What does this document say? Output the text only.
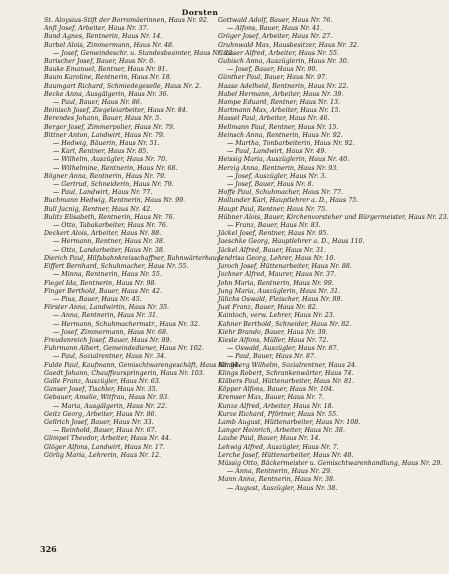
Dorsten
St. Aloysius-Stift der Borromäerinnen, Haus Nr. 92.
Anfi Josef, Arbeiter, Haus Nr. 37.
Band Agnes, Rentnerin, Haus Nr. 14.
Barbel Alois, Zimmermann, Haus Nr. 48.
— Josef, Gemeindeschr. u. Standesbeamter, Haus Nr. 22.
Barischer Josef, Bauer, Haus Nr. 6.
Bauke Emanuel, Rentner, Haus Nr. 91.
Baum Karoline, Rentnerin, Haus Nr. 18.
Baumgart Richard, Schmiedegeselle, Haus Nr. 2.
Becke Anna, Ausgälgerin, Haus Nr. 36.
— Paul, Bauer, Haus Nr. 86.
Beinisch Josef, Ziegeleiarbeiter, Haus Nr. 84.
Berendes Johann, Bauer, Haus Nr. 5.
Berger Josef, Zimmerpolier, Haus Nr. 79.
Bittner Anton, Landwirt, Haus Nr. 79.
— Hedwig, Bäuerin, Haus Nr. 51.
— Karl, Rentner, Haus Nr. 85.
— Wilhelm, Auszügler, Haus Nr. 70.
— Wilhelmine, Rentnerin, Haus Nr. 68.
Bögner Anna, Rentnerin, Haus Nr. 79.
— Gertrud, Schneiderin, Haus Nr. 79.
— Paul, Landwirt, Haus Nr. 77.
Buchmann Hedwig, Rentnerin, Haus Nr. 99.
Bull Jacnig, Rentner, Haus Nr. 42.
Bulitz Elisabeth, Rentnerin, Haus Nr. 76.
— Otto, Tabakarbeiter, Haus Nr. 76.
Deckert Alois, Arbeiter, Haus Nr. 88.
— Hermann, Rentner, Haus Nr. 38.
— Otto, Landarbeiter, Haus Nr. 38.
Dierich Paul, Hilfsbahnkreisschaffner, Bahnwärterhaus.
Eiffert Bernhard, Schuhmacher, Haus Nr. 55.
— Minna, Rentnerin, Haus Nr. 55.
Fiegel Ida, Rentnerin, Haus Nr. 98.
Finger Berthold, Bauer, Haus Nr. 42.
— Pius, Bauer, Haus Nr. 45.
Förster Anna, Landwirtin, Haus Nr. 35.
— Anna, Rentnerin, Haus Nr. 31.
— Hermann, Schuhmachermstr., Haus Nr. 32.
— Josef, Zimmermann, Haus Nr. 68.
Freudenreich Josef, Bauer, Haus Nr. 89.
Fuhrmann Albert, Gemeindediener, Haus Nr. 102.
— Paul, Sozialrentner, Haus Nr. 34.
Fulde Paul, Kaufmann, Gemischtwarengeschäft, Haus Nr. 94.
Gaedt Johann, Chauffeurspringerin, Haus Nr. 103.
Galle Franz, Auszügler, Haus Nr. 63.
Ganser Josef, Tischler, Haus Nr. 35.
Gebauer, Amalie, Witfrau, Haus Nr. 93.
— Maria, Ausgälgerin, Haus Nr. 22.
Geitz Georg, Arbeiter, Haus Nr. 86.
Gellrich Josef, Bauer, Haus Nr. 33.
— Reinhold, Bauer, Haus Nr. 67.
Glimpel Theodor, Arbeiter, Haus Nr. 44.
Glöger Alfons, Landwirt, Haus Nr. 17.
Görlig Maria, Lehrerin, Haus Nr. 12.
Gottwald Adolf, Bauer, Haus Nr. 76.
— Alfons, Bauer, Haus Nr. 41.
Gröger Josef, Arbeiter, Haus Nr. 27.
Gruhnwald Max, Hausbesitzer, Haus Nr. 32.
Grosser Alfred, Arbeiter, Haus Nr. 55.
Gubisch Anna, Auszüglerin, Haus Nr. 30.
— Josef, Bauer, Haus Nr. 90.
Günther Paul, Bauer, Haus Nr. 97.
Haase Adelheid, Rentnerin, Haus Nr. 22.
Habel Hermann, Arbeiter, Haus Nr. 39.
Hampe Eduard, Rentner, Haus Nr. 13.
Hartmann Max, Arbeiter, Haus Nr. 15.
Hassel Paul, Arbeiter, Haus Nr. 46.
Hellmann Paul, Rentner, Haus Nr. 15.
Heinsch Anna, Rentnerin, Haus Nr. 92.
— Martha, Tonbarbeiterin, Haus Nr. 92.
— Paul, Landwirt, Haus Nr. 49.
Heissig Maria, Auszüglerin, Haus Nr. 40.
Herzig Anna, Rentnerin, Haus Nr. 93.
— Josef, Auszügler, Haus Nr. 3.
— Josef, Bauer, Haus Nr. 8.
Hoffe Paul, Schuhmacher, Haus Nr. 77.
Hollunder Karl, Hauptlehrer a. D., Haus 75.
Haupt Paul, Rentner, Haus Nr. 75.
Hübner Alois, Bauer, Kirchenvorsteher und Bürgermeister, Haus Nr. 23.
— Franz, Bauer, Haus Nr. 83.
Jäckel Josef, Rentner, Haus Nr. 95.
Jaeschke Georg, Hauptlehrer a. D., Haus 110.
Jäckel Alfred, Bauer, Haus Nr. 31.
Jendrisa Georg, Lehrer, Haus Nr. 10.
Jaroch Josef, Hüttenarbeiter, Haus Nr. 88.
Jochner Alfred, Maurer, Haus Nr. 37.
John Maria, Rentnerin, Haus Nr. 99.
Jung Maria, Auszüglerin, Haus Nr. 31.
Jülichs Oswald, Fleischer, Haus Nr. 89.
Just Franz, Bauer, Haus Nr. 82.
Kaintoch, verw. Lehrer, Haus Nr. 23.
Kahner Berthold, Schneider, Haus Nr. 82.
Kiehr Brando, Bauer, Haus Nr. 39.
Kiesle Alfons, Müller, Haus Nr. 72.
— Oswald, Auszügler, Haus Nr. 87.
— Paul, Bauer, Haus Nr. 87.
Klingberg Wilhelm, Sozialrentner, Haus 24.
Klings Robert, Schrankenwärter, Haus 74.
Kläbers Paul, Hüttenarbeiter, Haus Nr. 81.
Köpper Alfons, Bauer, Haus Nr. 104.
Kremser Max, Bauer, Haus Nr. 7.
Kunze Alfred, Arbeiter, Haus Nr. 18.
Kurze Richard, Pförtner, Haus Nr. 55.
Lamb August, Hüttenarbeiter, Haus Nr. 108.
Langer Heinrich, Arbeiter, Haus Nr. 38.
Laube Paul, Bauer, Haus Nr. 14.
Lehwig Alfred, Auszügler, Haus Nr. 7.
Lerche Josef, Hüttenarbeiter, Haus Nr. 48.
Müssig Otto, Bäckermeister u. Gemischtwarenhandlung, Haus Nr. 29.
— Anna, Rentnerin, Haus Nr. 29.
Mann Anna, Rentnerin, Haus Nr. 38.
— August, Auszügler, Haus Nr. 38.
326
